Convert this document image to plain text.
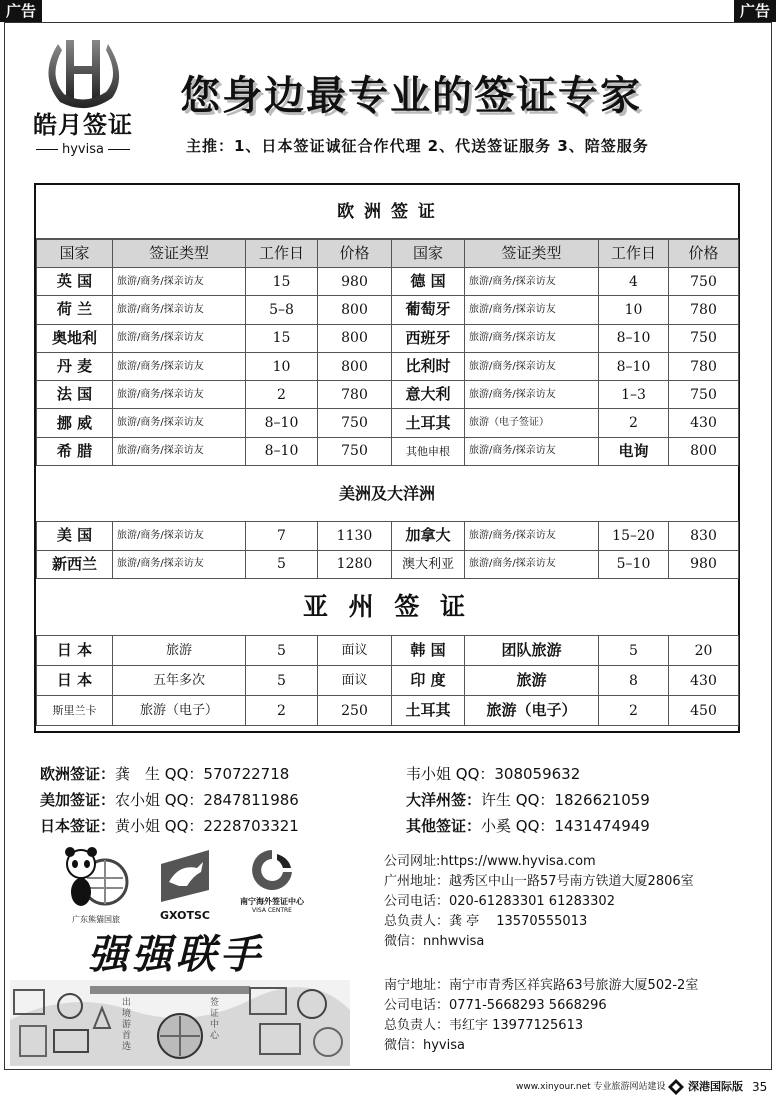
广告	广告
皓月签证
hyvisa
您身边最专业的签证专家
主推：1、日本签证诚征合作代理 2、代送签证服务 3、陪签服务
欧 洲 签 证
国家	签证类型	工作日	价格	国家	签证类型	工作日	价格
英 国	旅游/商务/探亲访友	15	980	德 国	旅游/商务/探亲访友	4	750
荷 兰	旅游/商务/探亲访友	5–8	800	葡萄牙	旅游/商务/探亲访友	10	780
奥地利	旅游/商务/探亲访友	15	800	西班牙	旅游/商务/探亲访友	8–10	750
丹 麦	旅游/商务/探亲访友	10	800	比利时	旅游/商务/探亲访友	8–10	780
法 国	旅游/商务/探亲访友	2	780	意大利	旅游/商务/探亲访友	1–3	750
挪 威	旅游/商务/探亲访友	8–10	750	土耳其	旅游（电子签证）	2	430
希 腊	旅游/商务/探亲访友	8–10	750	其他申根	旅游/商务/探亲访友	电询	800
美洲及大洋洲
美 国	旅游/商务/探亲访友	7	1130	加拿大	旅游/商务/探亲访友	15–20	830
新西兰	旅游/商务/探亲访友	5	1280	澳大利亚	旅游/商务/探亲访友	5–10	980
亚 州 签 证
日 本	旅游	5	面议	韩 国	团队旅游	5	20
日 本	五年多次	5	面议	印 度	旅游	8	430
斯里兰卡	旅游（电子）	2	250	土耳其	旅游（电子）	2	450
欧洲签证：龚　生 QQ：570722718	韦小姐 QQ：308059632
美加签证：农小姐 QQ：2847811986	大洋州签：许生 QQ：1826621059
日本签证：黄小姐 QQ：2228703321	其他签证：小奚 QQ：1431474949
广东熊猫国旅	GXOTSC
南宁海外签证中心
VISA CENTRE
强强联手
出境游首选
签证中心
公司网址:https://www.hyvisa.com
广州地址：越秀区中山一路57号南方铁道大厦2806室
公司电话：020-61283301 61283302
总负责人：龚 亭　 13570555013
微信：nnhwvisa
南宁地址：南宁市青秀区祥宾路63号旅游大厦502-2室
公司电话：0771-5668293 5668296
总负责人：韦红宇 13977125613
微信：hyvisa
www.xinyour.net 专业旅游网站建设 深港国际版 35
